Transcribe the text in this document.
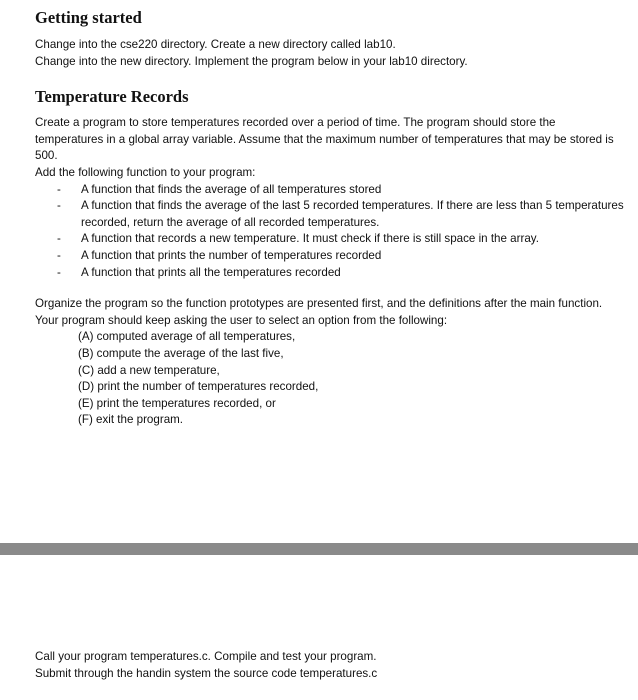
Getting started

Change into the cse220 directory. Create a new directory called lab10.

Change into the new directory. Implement the program below in your lab10 directory.

Temperature Records

Create a program to store temperatures recorded over a period of time. The program should store the temperatures in a global array variable. Assume that the maximum number of temperatures that may be stored is 500.

Add the following function to your program:

- A function that finds the average of all temperatures stored
- A function that finds the average of the last 5 recorded temperatures. If there are less than 5 temperatures recorded, return the average of all recorded temperatures.
- A function that records a new temperature. It must check if there is still space in the array.
- A function that prints the number of temperatures recorded
- A function that prints all the temperatures recorded

Organize the program so the function prototypes are presented first, and the definitions after the main function. Your program should keep asking the user to select an option from the following:

(A) computed average of all temperatures,
(B) compute the average of the last five,
(C) add a new temperature,
(D) print the number of temperatures recorded,
(E) print the temperatures recorded, or
(F) exit the program.

Call your program temperatures.c. Compile and test your program.

Submit through the handin system the source code temperatures.c
